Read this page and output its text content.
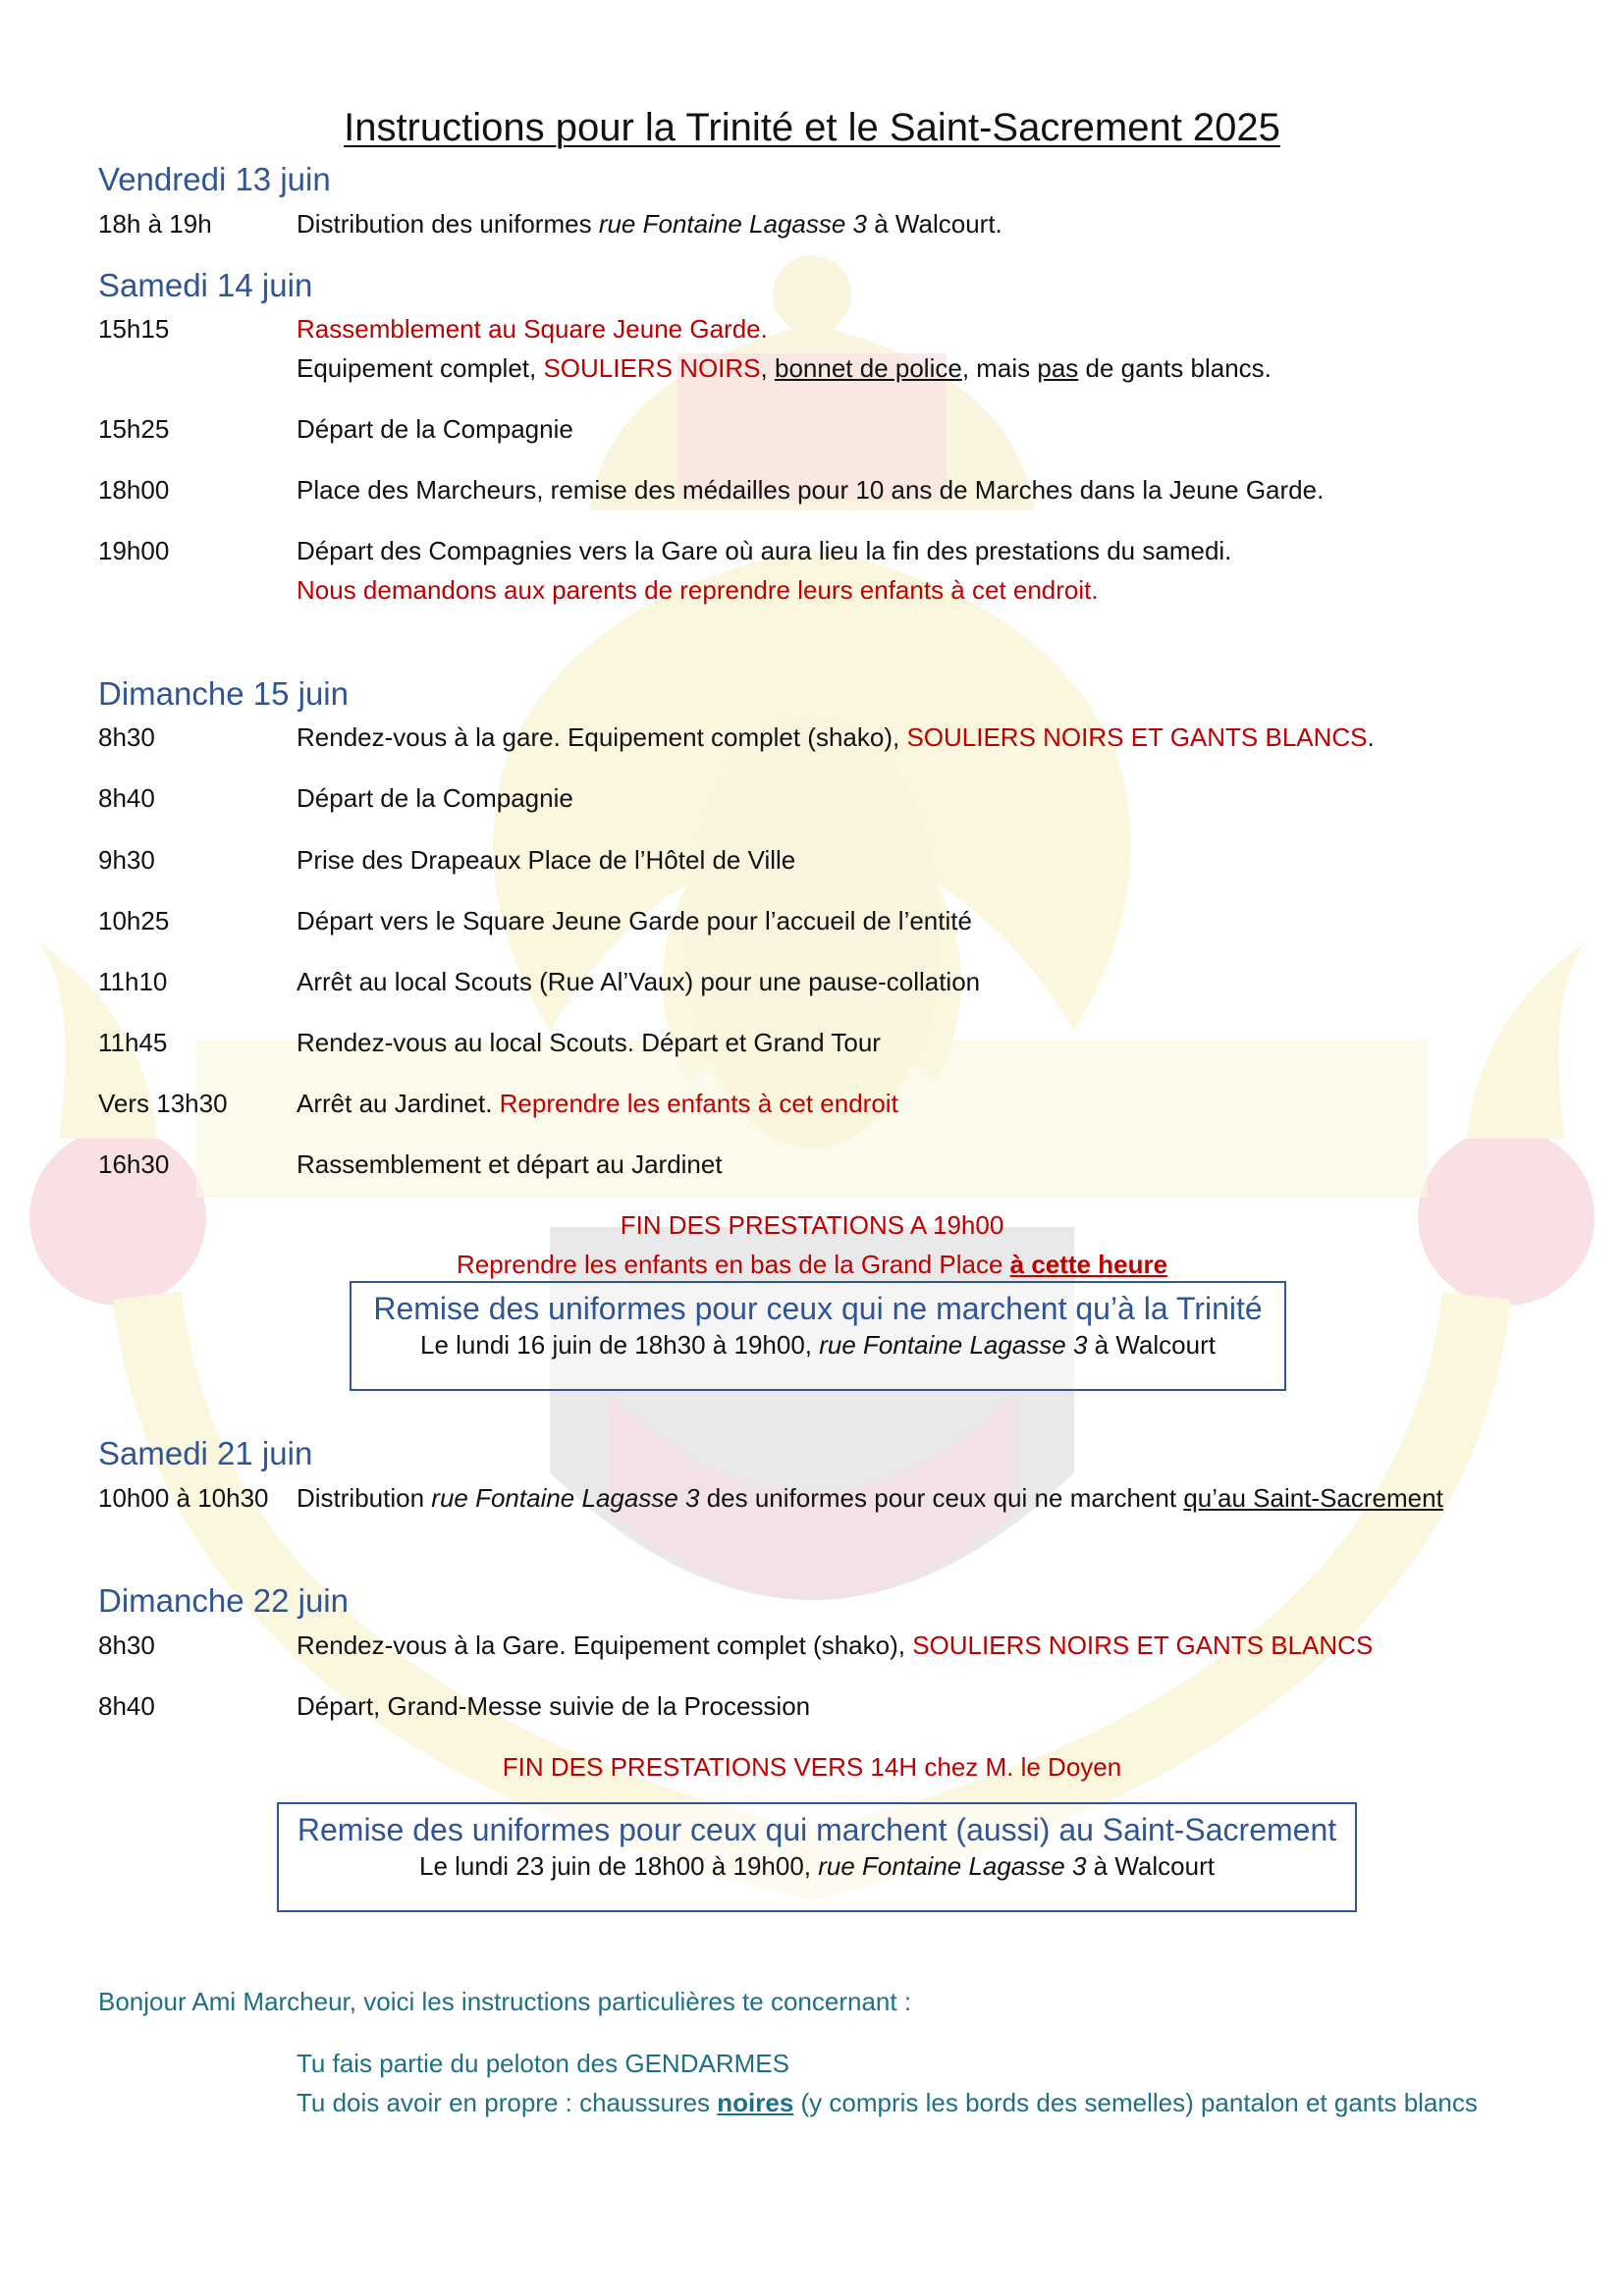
Instructions pour la Trinité et le Saint-Sacrement 2025
Vendredi 13 juin
18h à 19h	Distribution des uniformes rue Fontaine Lagasse 3 à Walcourt.
Samedi 14 juin
15h15	Rassemblement au Square Jeune Garde.
Equipement complet, SOULIERS NOIRS, bonnet de police, mais pas de gants blancs.
15h25	Départ de la Compagnie
18h00	Place des Marcheurs, remise des médailles pour 10 ans de Marches dans la Jeune Garde.
19h00	Départ des Compagnies vers la Gare où aura lieu la fin des prestations du samedi.
Nous demandons aux parents de reprendre leurs enfants à cet endroit.
Dimanche 15 juin
8h30	Rendez-vous à la gare. Equipement complet (shako), SOULIERS NOIRS ET GANTS BLANCS.
8h40	Départ de la Compagnie
9h30	Prise des Drapeaux Place de l’Hôtel de Ville
10h25	Départ vers le Square Jeune Garde pour l’accueil de l’entité
11h10	Arrêt au local Scouts (Rue Al’Vaux) pour une pause-collation
11h45	Rendez-vous au local Scouts. Départ et Grand Tour
Vers 13h30	Arrêt au Jardinet. Reprendre les enfants à cet endroit
16h30	Rassemblement et départ au Jardinet
FIN DES PRESTATIONS A 19h00
Reprendre les enfants en bas de la Grand Place à cette heure
Remise des uniformes pour ceux qui ne marchent qu’à la Trinité
Le lundi 16 juin de 18h30 à 19h00, rue Fontaine Lagasse 3 à Walcourt
Samedi 21 juin
10h00 à 10h30 Distribution rue Fontaine Lagasse 3 des uniformes pour ceux qui ne marchent qu’au Saint-Sacrement
Dimanche 22 juin
8h30	Rendez-vous à la Gare. Equipement complet (shako), SOULIERS NOIRS ET GANTS BLANCS
8h40	Départ, Grand-Messe suivie de la Procession
FIN DES PRESTATIONS VERS 14H chez M. le Doyen
Remise des uniformes pour ceux qui marchent (aussi) au Saint-Sacrement
Le lundi 23 juin de 18h00 à 19h00, rue Fontaine Lagasse 3 à Walcourt
Bonjour Ami Marcheur, voici les instructions particulières te concernant :
Tu fais partie du peloton des GENDARMES
Tu dois avoir en propre : chaussures noires (y compris les bords des semelles) pantalon et gants blancs
